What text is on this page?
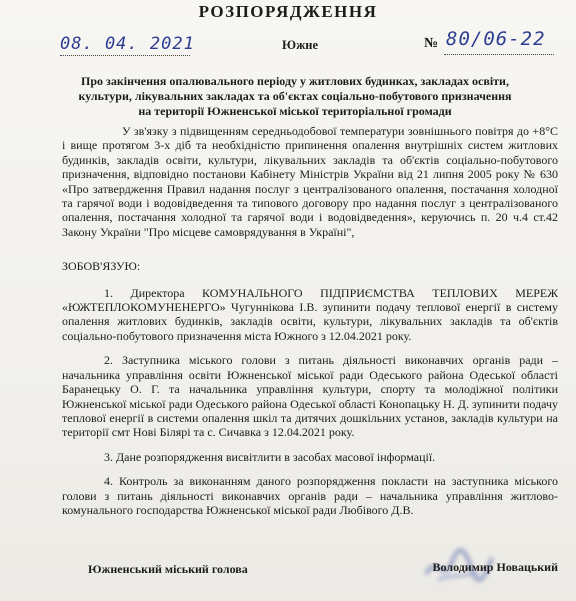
РОЗПОРЯДЖЕННЯ
08. 04. 2021	Южне	№ 80/06-22
Про закінчення опалювального періоду у житлових будинках, закладах освіти,
культури, лікувальних закладах та об'єктах соціально-побутового призначення
на території Южненської міської територіальної громади
У зв'язку з підвищенням середньодобової температури зовнішнього повітря до +8°С і вище протягом 3-х діб та необхідністю припинення опалення внутрішніх систем житлових будинків, закладів освіти, культури, лікувальних закладів та об'єктів соціально-побутового призначення, відповідно постанови Кабінету Міністрів України від 21 липня 2005 року № 630 «Про затвердження Правил надання послуг з централізованого опалення, постачання холодної та гарячої води і водовідведення та типового договору про надання послуг з централізованого опалення, постачання холодної та гарячої води і водовідведення», керуючись п. 20 ч.4 ст.42 Закону України "Про місцеве самоврядування в Україні",
ЗОБОВ'ЯЗУЮ:
1. Директора КОМУНАЛЬНОГО ПІДПРИЄМСТВА ТЕПЛОВИХ МЕРЕЖ «ЮЖТЕПЛОКОМУНЕНЕРГО» Чугуннікова І.В. зупинити подачу теплової енергії в систему опалення житлових будинків, закладів освіти, культури, лікувальних закладів та об'єктів соціально-побутового призначення міста Южного з 12.04.2021 року.
2. Заступника міського голови з питань діяльності виконавчих органів ради – начальника управління освіти Южненської міської ради Одеського района Одеської області Баранецьку О. Г. та начальника управління культури, спорту та молодіжної політики Южненської міської ради Одеського района Одеської області Конопацьку Н. Д. зупинити подачу теплової енергії в системи опалення шкіл та дитячих дошкільних установ, закладів культури на території смт Нові Білярі та с. Сичавка з 12.04.2021 року.
3. Дане розпорядження висвітлити в засобах масової інформації.
4. Контроль за виконанням даного розпорядження покласти на заступника міського голови з питань діяльності виконавчих органів ради – начальника управління житлово-комунального господарства Южненської міської ради Любівого Д.В.
Южненський міський голова	Володимир Новацький
